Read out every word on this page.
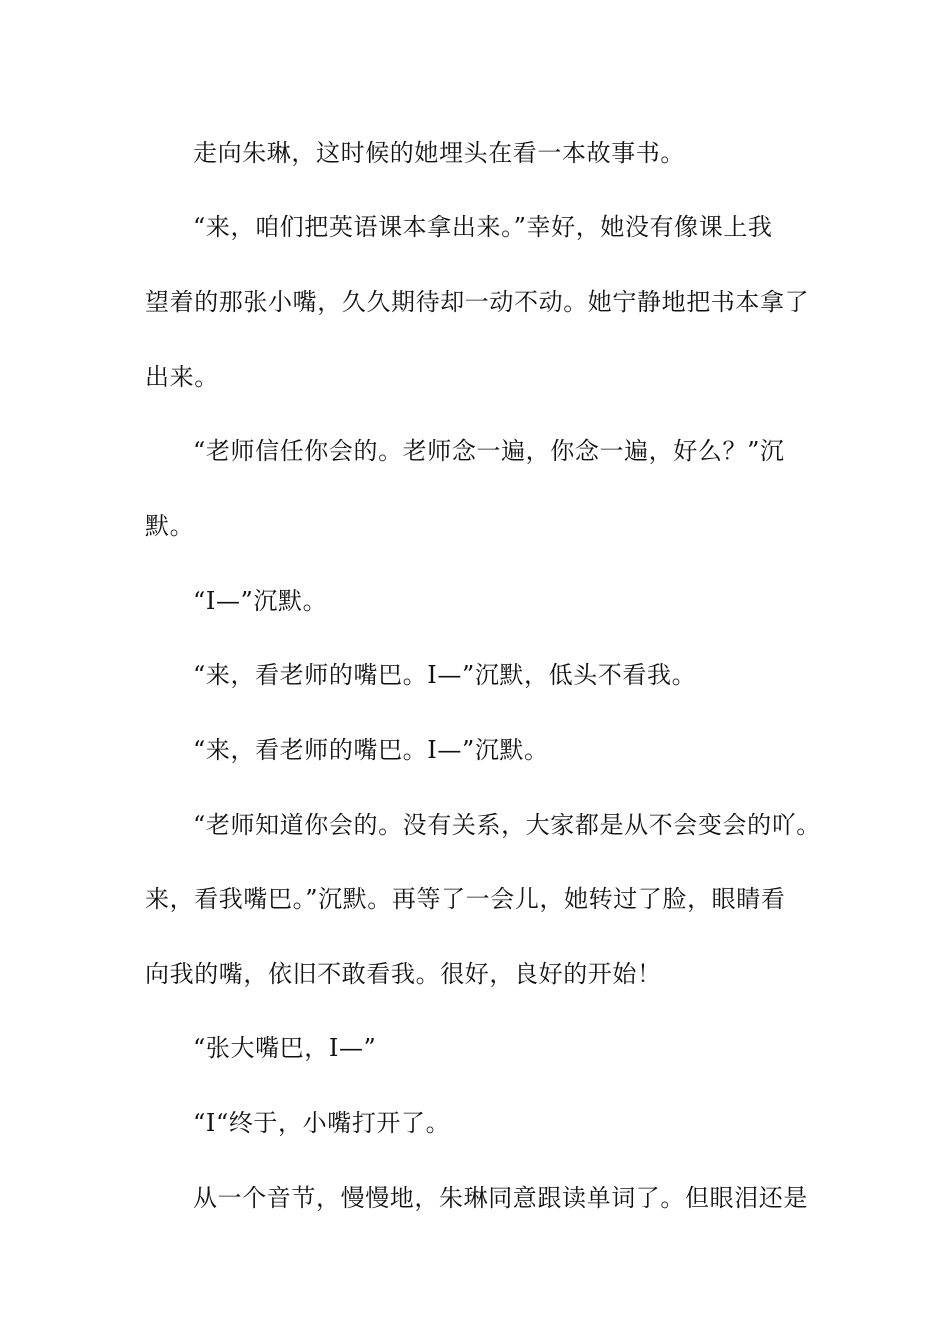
走向朱琳，这时候的她埋头在看一本故事书。
“来，咱们把英语课本拿出来。”幸好，她没有像课上我
望着的那张小嘴，久久期待却一动不动。她宁静地把书本拿了
出来。
“老师信任你会的。老师念一遍，你念一遍，好么？”沉
默。
“I—”沉默。
“来，看老师的嘴巴。I—”沉默，低头不看我。
“来，看老师的嘴巴。I—”沉默。
“老师知道你会的。没有关系，大家都是从不会变会的吖。
来，看我嘴巴。”沉默。再等了一会儿，她转过了脸，眼睛看
向我的嘴，依旧不敢看我。很好，良好的开始！
“张大嘴巴，I—”
“I“终于，小嘴打开了。
从一个音节，慢慢地，朱琳同意跟读单词了。但眼泪还是
